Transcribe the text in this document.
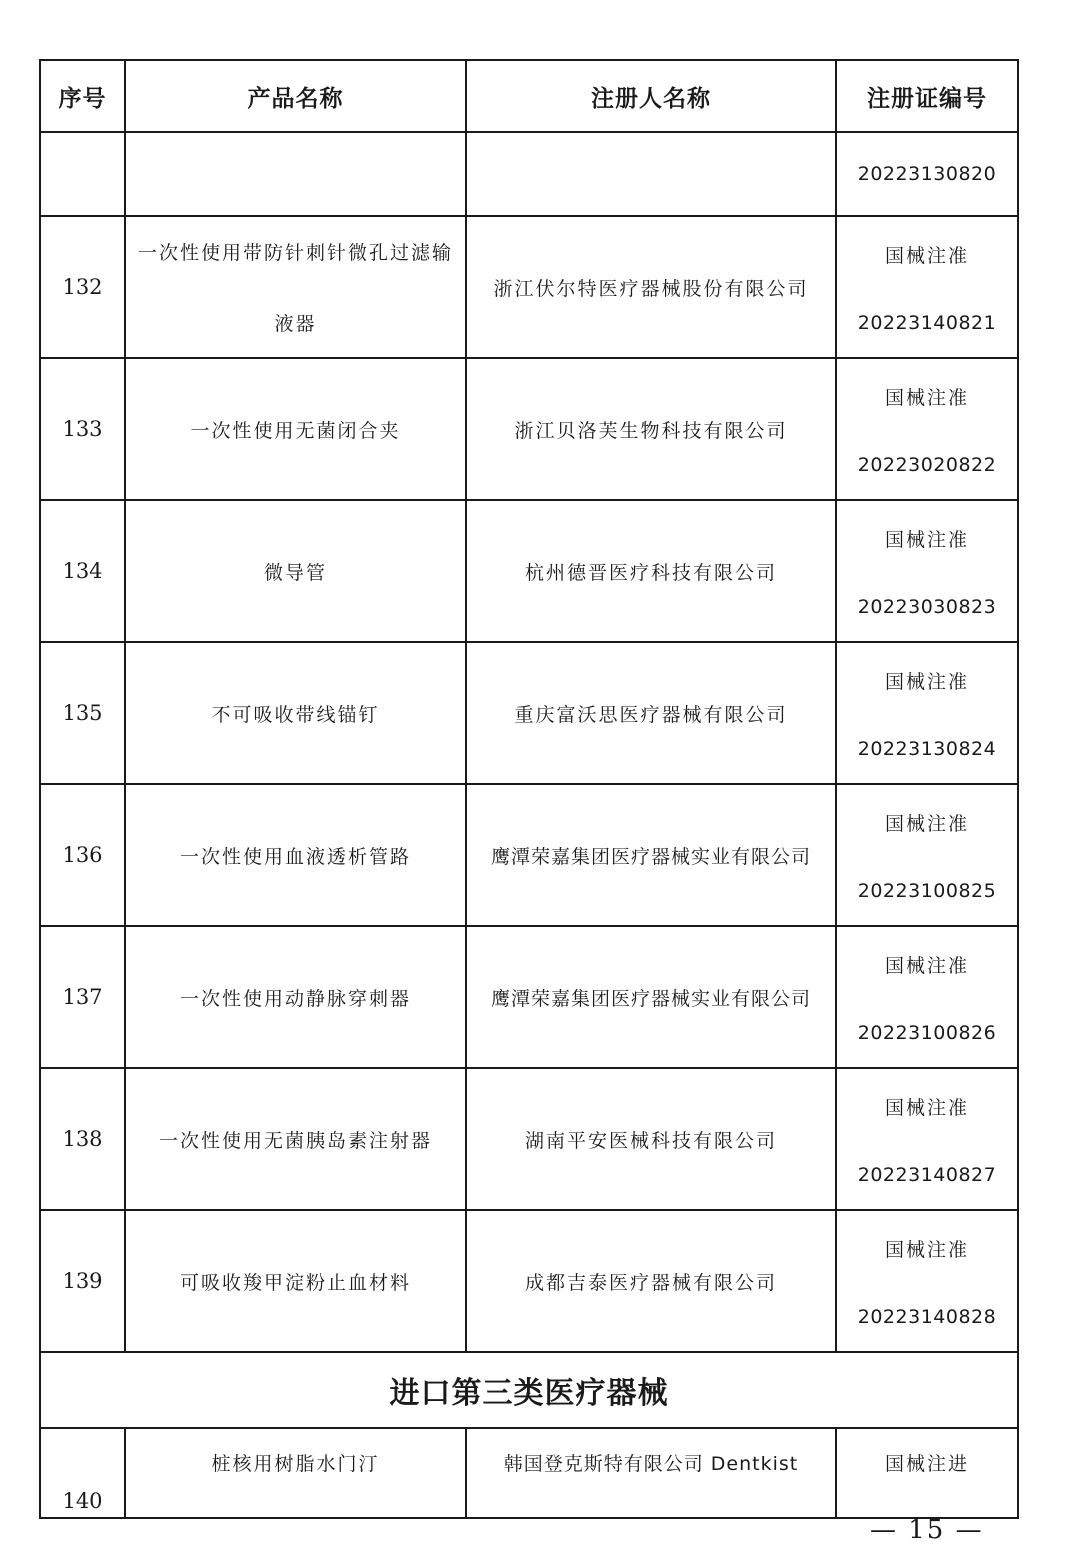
序号	产品名称	注册人名称	注册证编号

			20223130820

132	一次性使用带防针刺针微孔过滤输
液器	浙江伏尔特医疗器械股份有限公司	国械注准
20223140821

133	一次性使用无菌闭合夹	浙江贝洛芙生物科技有限公司	国械注准
20223020822

134	微导管	杭州德晋医疗科技有限公司	国械注准
20223030823

135	不可吸收带线锚钉	重庆富沃思医疗器械有限公司	国械注准
20223130824

136	一次性使用血液透析管路	鹰潭荣嘉集团医疗器械实业有限公司	国械注准
20223100825

137	一次性使用动静脉穿刺器	鹰潭荣嘉集团医疗器械实业有限公司	国械注准
20223100826

138	一次性使用无菌胰岛素注射器	湖南平安医械科技有限公司	国械注准
20223140827

139	可吸收羧甲淀粉止血材料	成都吉泰医疗器械有限公司	国械注准
20223140828

进口第三类医疗器械			
140	桩核用树脂水门汀	韩国登克斯特有限公司 Dentkist	国械注进
— 15 —
